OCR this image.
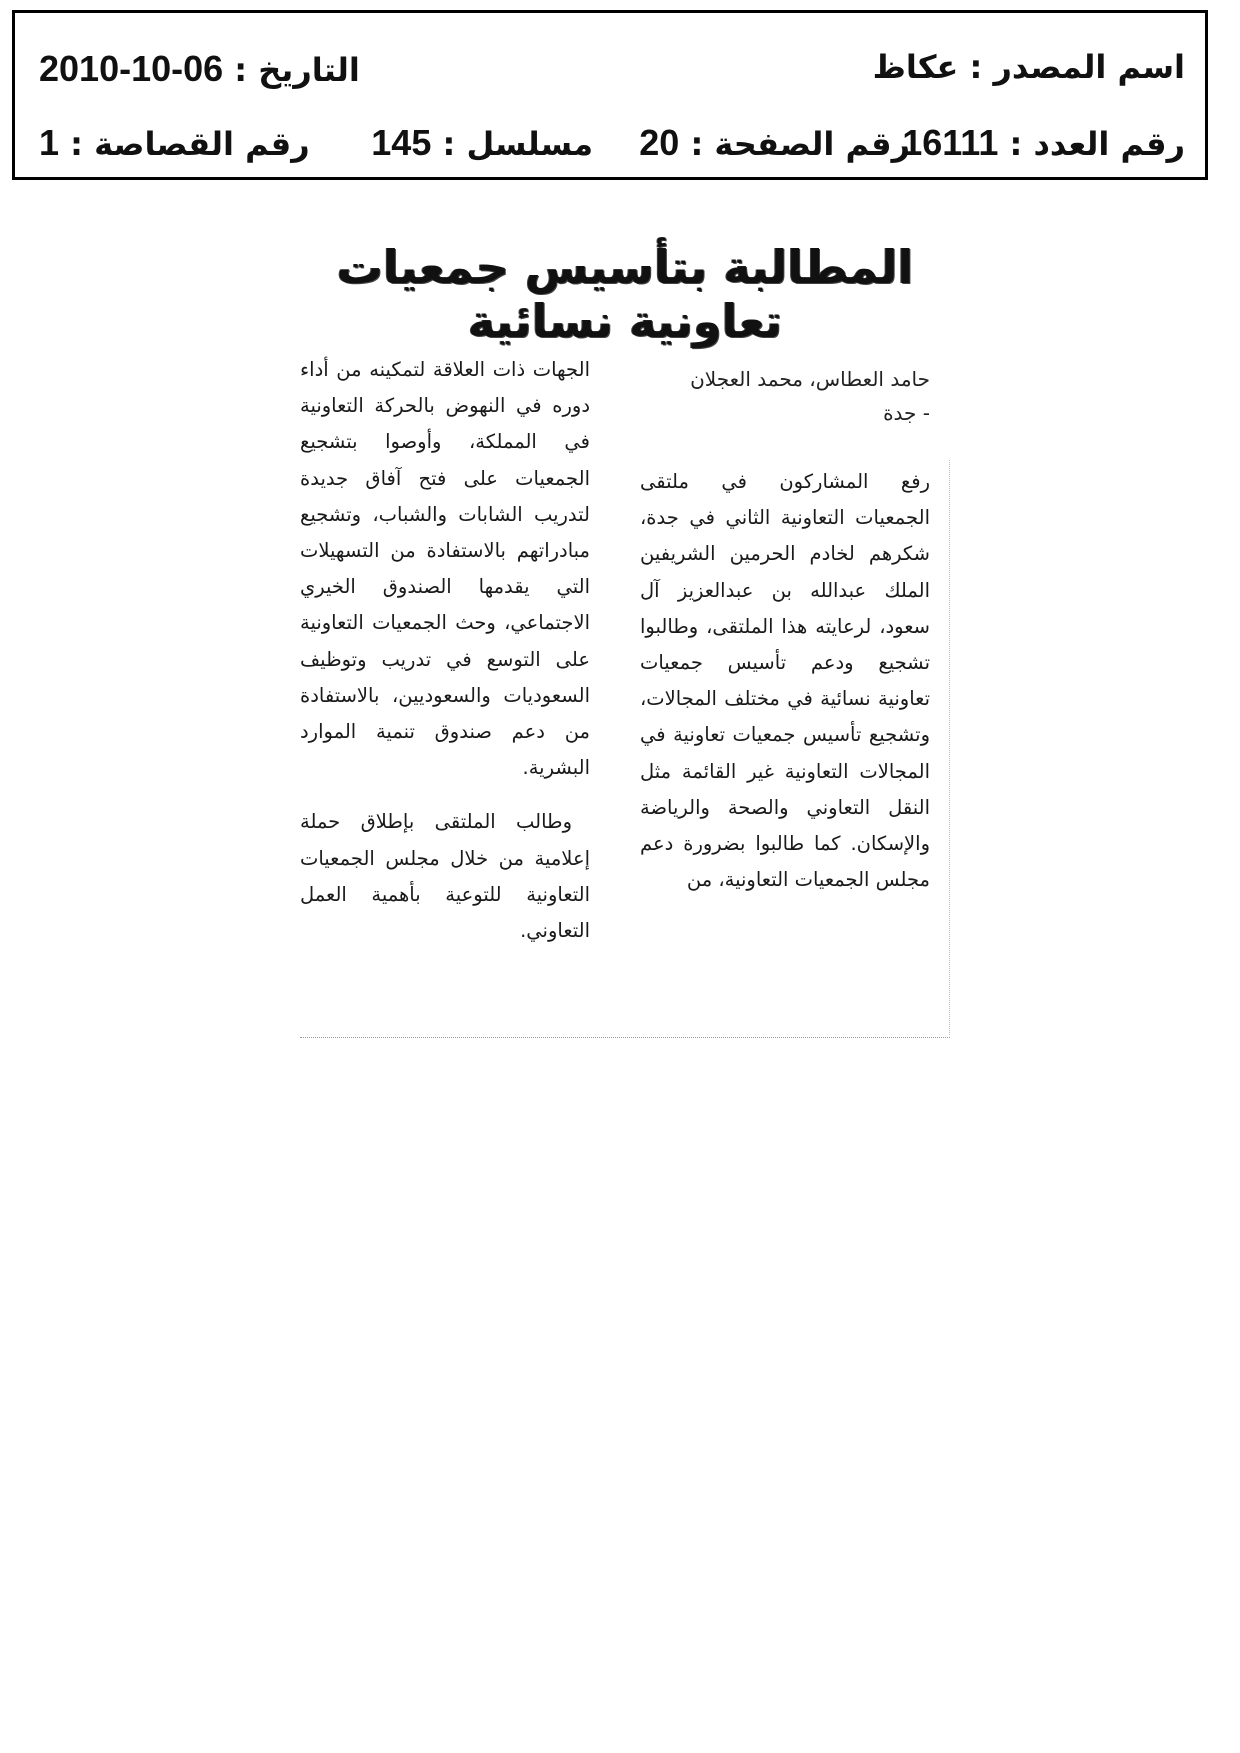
اسم المصدر : عكاظ
التاريخ : 2010-10-06
رقم العدد : 16111
رقم الصفحة : 20
مسلسل : 145
رقم القصاصة : 1
المطالبة بتأسيس جمعيات تعاونية نسائية
حامد العطاس، محمد العجلان
- جدة

رفع المشاركون في ملتقى الجمعيات التعاونية الثاني في جدة، شكرهم لخادم الحرمين الشريفين الملك عبدالله بن عبدالعزيز آل سعود، لرعايته هذا الملتقى، وطالبوا تشجيع ودعم تأسيس جمعيات تعاونية نسائية في مختلف المجالات، وتشجيع تأسيس جمعيات تعاونية في المجالات التعاونية غير القائمة مثل النقل التعاوني والصحة والرياضة والإسكان. كما طالبوا بضرورة دعم مجلس الجمعيات التعاونية، من

الجهات ذات العلاقة لتمكينه من أداء دوره في النهوض بالحركة التعاونية في المملكة، وأوصوا بتشجيع الجمعيات على فتح آفاق جديدة لتدريب الشابات والشباب، وتشجيع مبادراتهم بالاستفادة من التسهيلات التي يقدمها الصندوق الخيري الاجتماعي، وحث الجمعيات التعاونية على التوسع في تدريب وتوظيف السعوديات والسعوديين، بالاستفادة من دعم صندوق تنمية الموارد البشرية.

وطالب الملتقى بإطلاق حملة إعلامية من خلال مجلس الجمعيات التعاونية للتوعية بأهمية العمل التعاوني.
